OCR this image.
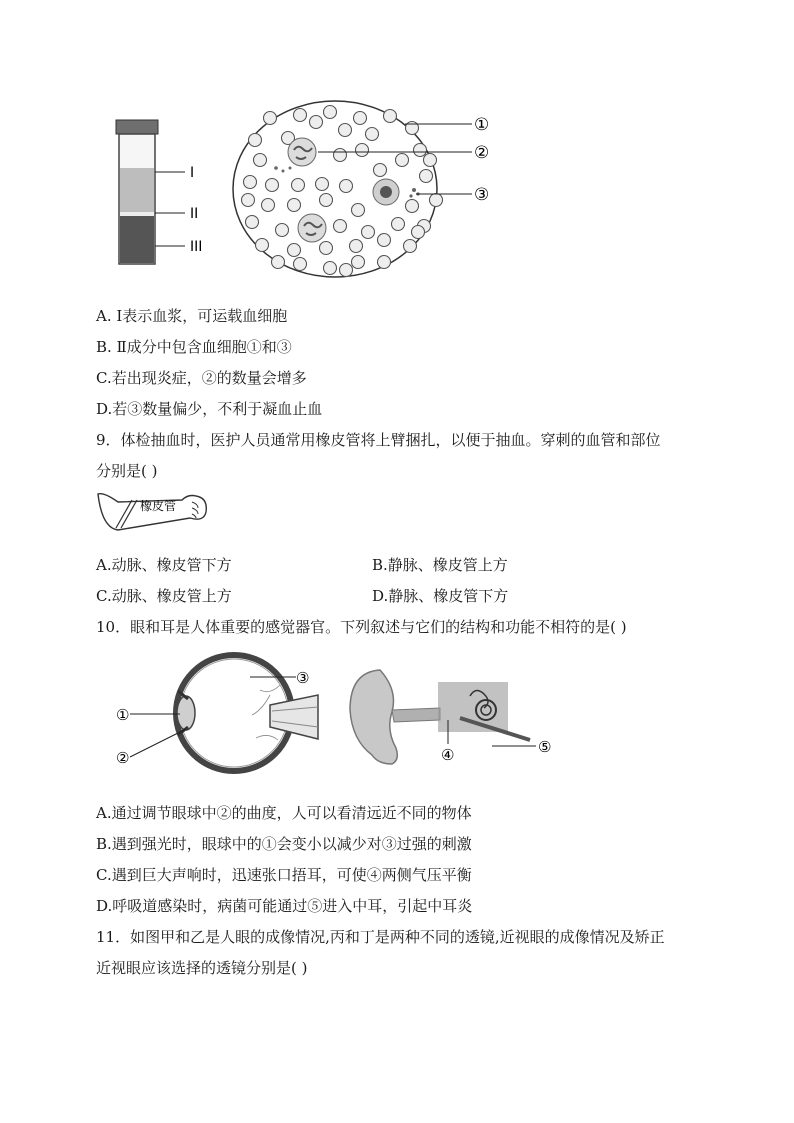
I
II
III
①
②
③
A. Ⅰ表示血浆，可运载血细胞
B. Ⅱ成分中包含血细胞①和③
C.若出现炎症，②的数量会增多
D.若③数量偏少，不利于凝血止血
9．体检抽血时，医护人员通常用橡皮管将上臂捆扎，以便于抽血。穿刺的血管和部位
分别是( )
橡皮管
A.动脉、橡皮管下方	B.静脉、橡皮管上方
C.动脉、橡皮管上方	D.静脉、橡皮管下方
10．眼和耳是人体重要的感觉器官。下列叙述与它们的结构和功能不相符的是( )
①
②
③
④	⑤
A.通过调节眼球中②的曲度，人可以看清远近不同的物体
B.遇到强光时，眼球中的①会变小以减少对③过强的刺激
C.遇到巨大声响时，迅速张口捂耳，可使④两侧气压平衡
D.呼吸道感染时，病菌可能通过⑤进入中耳，引起中耳炎
11．如图甲和乙是人眼的成像情况,丙和丁是两种不同的透镜,近视眼的成像情况及矫正
近视眼应该选择的透镜分别是( )
